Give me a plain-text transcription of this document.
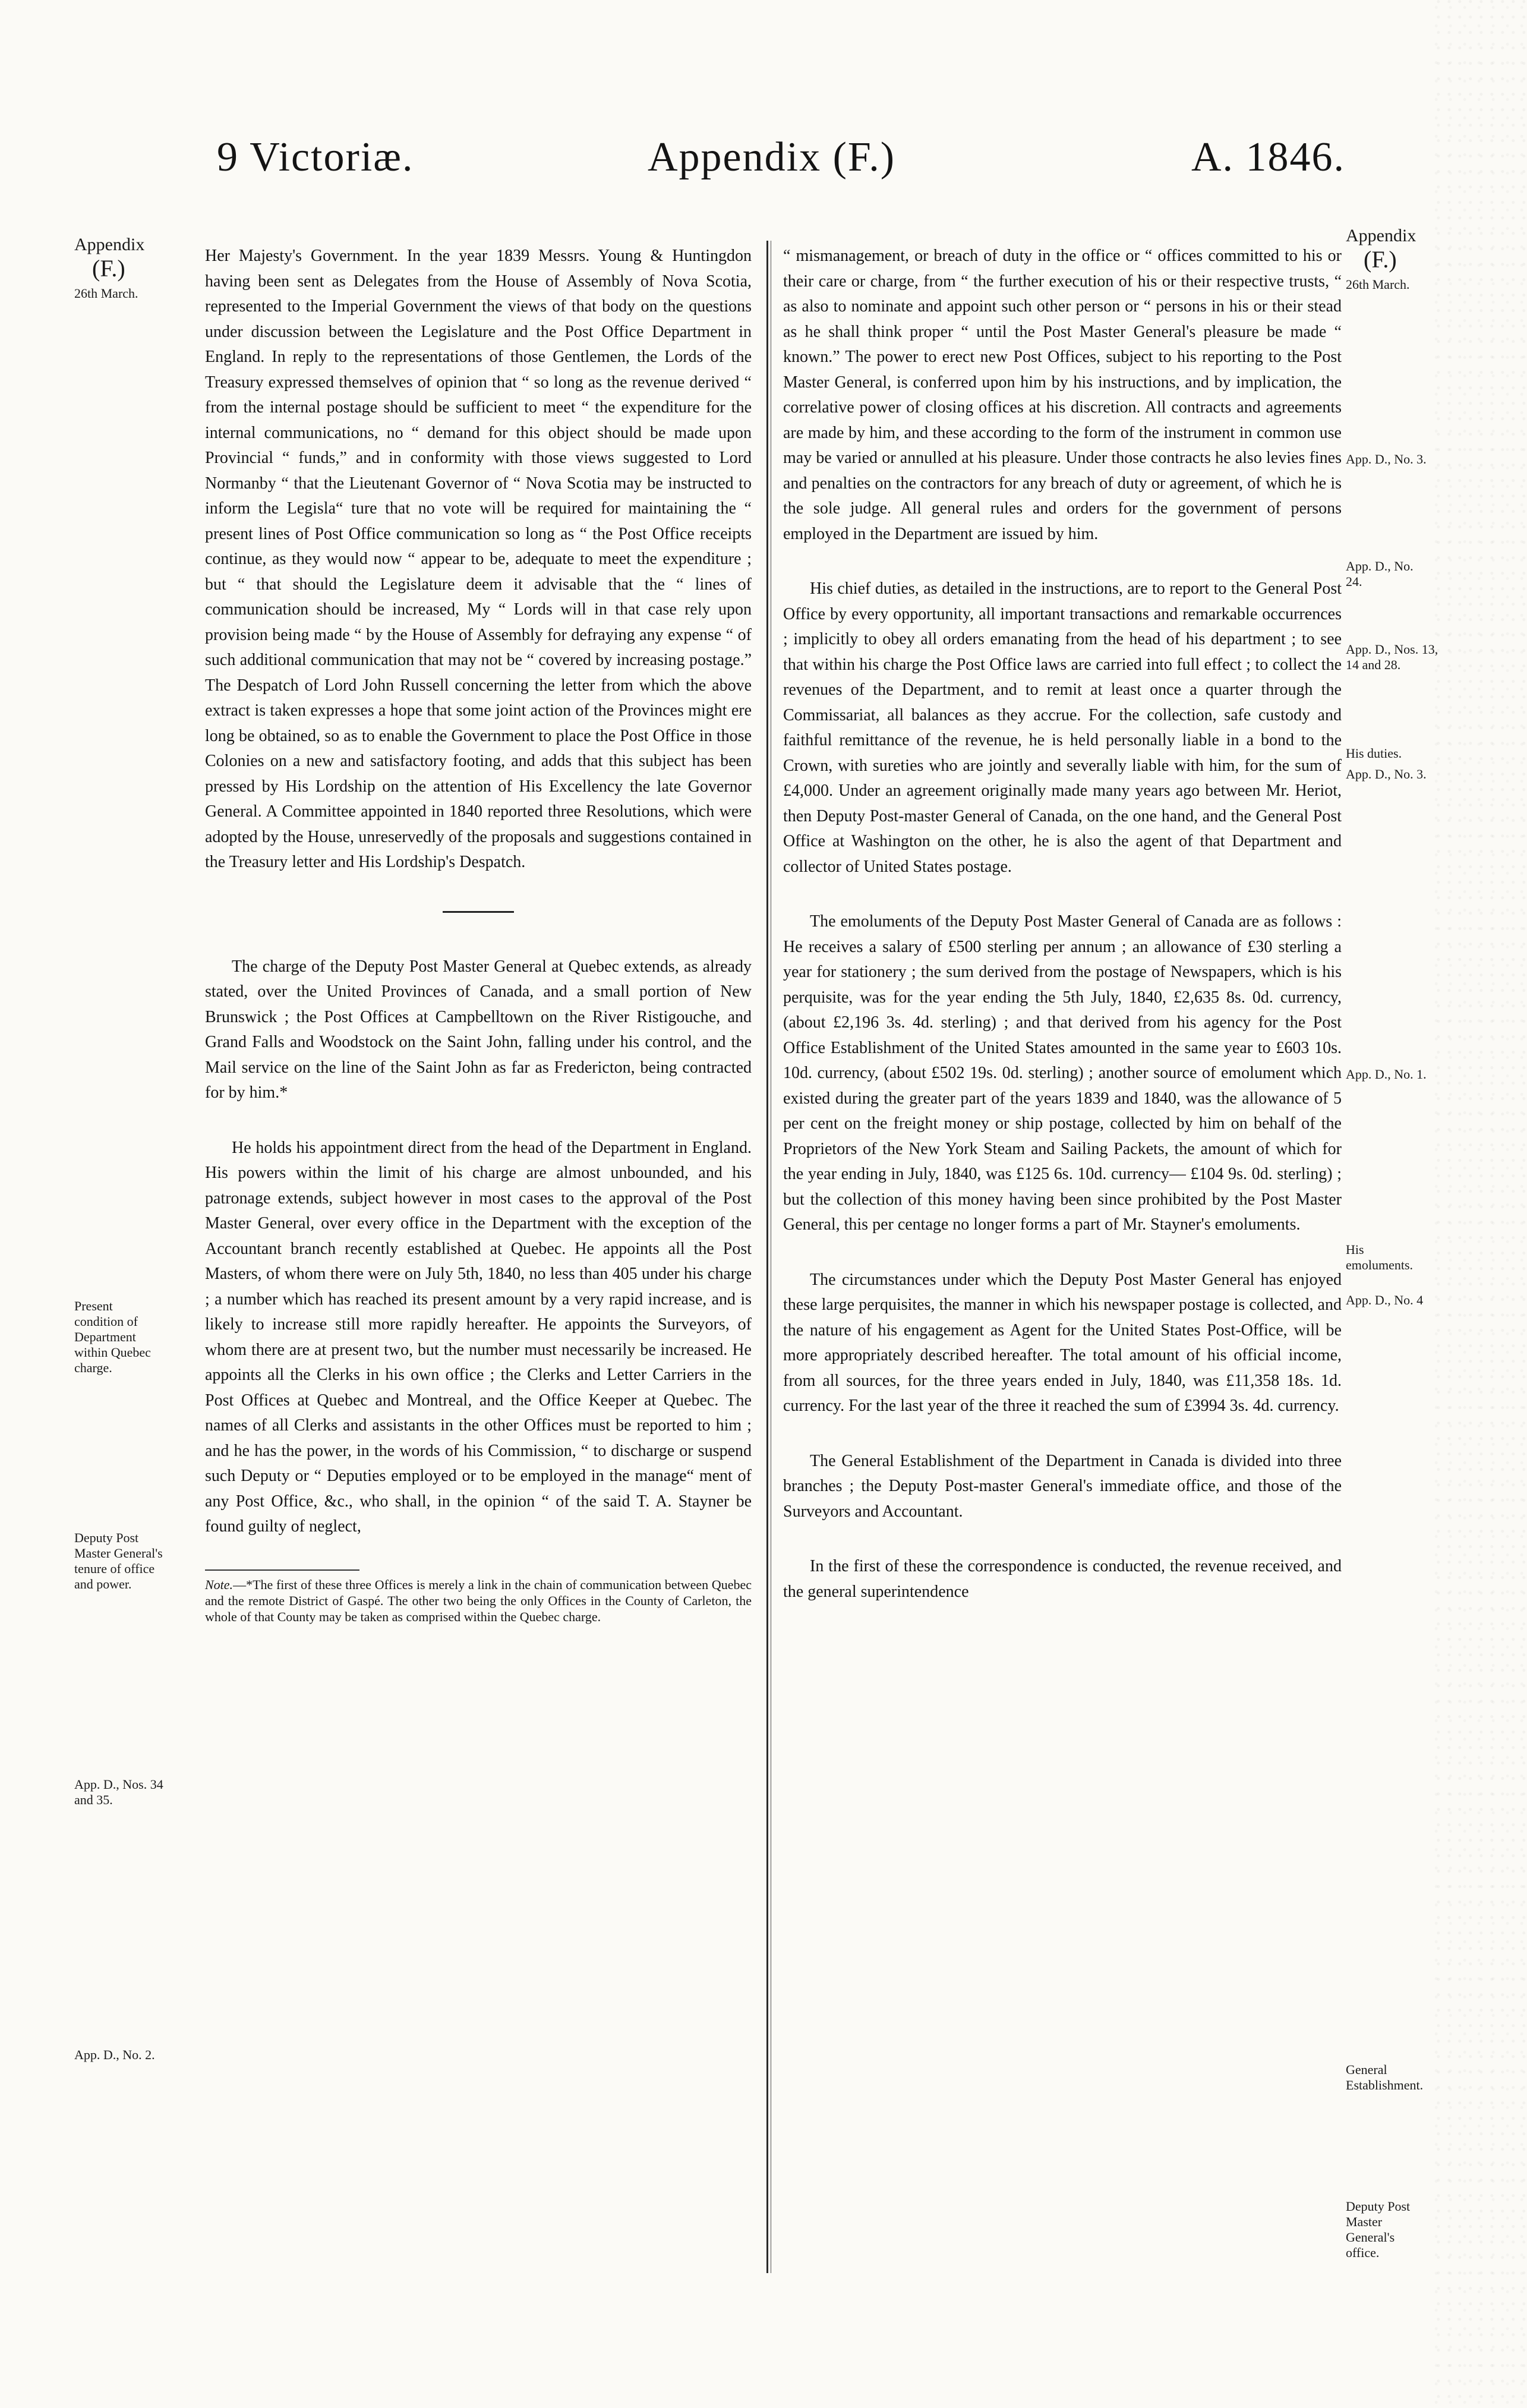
9 Victoriæ.	Appendix (F.)	A. 1846.
Appendix
(F.)
26th March.
Present condition of Department within Quebec charge.
Deputy Post Master General's tenure of office and power.
App. D., Nos. 34 and 35.
App. D., No. 2.
Appendix
(F.)
26th March.
App. D., No. 3.
App. D., No. 24.
App. D., Nos. 13, 14 and 28.
His duties.
App. D., No. 3.
App. D., No. 1.
His emoluments.
App. D., No. 4
General Establishment.
Deputy Post Master General's office.

Her Majesty's Government. In the year 1839 Messrs. Young & Huntingdon having been sent as Delegates from the House of Assembly of Nova Scotia, represented to the Imperial Government the views of that body on the questions under discussion between the Legislature and the Post Office Department in England. In reply to the representations of those Gentlemen, the Lords of the Treasury expressed themselves of opinion that “ so long as the revenue derived “ from the internal postage should be sufficient to meet “ the expenditure for the internal communications, no “ demand for this object should be made upon Provincial “ funds,” and in conformity with those views suggested to Lord Normanby “ that the Lieutenant Governor of “ Nova Scotia may be instructed to inform the Legisla“ ture that no vote will be required for maintaining the “ present lines of Post Office communication so long as “ the Post Office receipts continue, as they would now “ appear to be, adequate to meet the expenditure ; but “ that should the Legislature deem it advisable that the “ lines of communication should be increased, My “ Lords will in that case rely upon provision being made “ by the House of Assembly for defraying any expense “ of such additional communication that may not be “ covered by increasing postage.” The Despatch of Lord John Russell concerning the letter from which the above extract is taken expresses a hope that some joint action of the Provinces might ere long be obtained, so as to enable the Government to place the Post Office in those Colonies on a new and satisfactory footing, and adds that this subject has been pressed by His Lordship on the attention of His Excellency the late Governor General. A Committee appointed in 1840 reported three Resolutions, which were adopted by the House, unreservedly of the proposals and suggestions contained in the Treasury letter and His Lordship's Despatch.

The charge of the Deputy Post Master General at Quebec extends, as already stated, over the United Provinces of Canada, and a small portion of New Brunswick ; the Post Offices at Campbelltown on the River Ristigouche, and Grand Falls and Woodstock on the Saint John, falling under his control, and the Mail service on the line of the Saint John as far as Fredericton, being contracted for by him.*

He holds his appointment direct from the head of the Department in England. His powers within the limit of his charge are almost unbounded, and his patronage extends, subject however in most cases to the approval of the Post Master General, over every office in the Department with the exception of the Accountant branch recently established at Quebec. He appoints all the Post Masters, of whom there were on July 5th, 1840, no less than 405 under his charge ; a number which has reached its present amount by a very rapid increase, and is likely to increase still more rapidly hereafter. He appoints the Surveyors, of whom there are at present two, but the number must necessarily be increased. He appoints all the Clerks in his own office ; the Clerks and Letter Carriers in the Post Offices at Quebec and Montreal, and the Office Keeper at Quebec. The names of all Clerks and assistants in the other Offices must be reported to him ; and he has the power, in the words of his Commission, “ to discharge or suspend such Deputy or “ Deputies employed or to be employed in the manage“ ment of any Post Office, &c., who shall, in the opinion “ of the said T. A. Stayner be found guilty of neglect,

Note.—*The first of these three Offices is merely a link in the chain of communication between Quebec and the remote District of Gaspé. The other two being the only Offices in the County of Carleton, the whole of that County may be taken as comprised within the Quebec charge.

“ mismanagement, or breach of duty in the office or “ offices committed to his or their care or charge, from “ the further execution of his or their respective trusts, “ as also to nominate and appoint such other person or “ persons in his or their stead as he shall think proper “ until the Post Master General's pleasure be made “ known.” The power to erect new Post Offices, subject to his reporting to the Post Master General, is conferred upon him by his instructions, and by implication, the correlative power of closing offices at his discretion. All contracts and agreements are made by him, and these according to the form of the instrument in common use may be varied or annulled at his pleasure. Under those contracts he also levies fines and penalties on the contractors for any breach of duty or agreement, of which he is the sole judge. All general rules and orders for the government of persons employed in the Department are issued by him.

His chief duties, as detailed in the instructions, are to report to the General Post Office by every opportunity, all important transactions and remarkable occurrences ; implicitly to obey all orders emanating from the head of his department ; to see that within his charge the Post Office laws are carried into full effect ; to collect the revenues of the Department, and to remit at least once a quarter through the Commissariat, all balances as they accrue. For the collection, safe custody and faithful remittance of the revenue, he is held personally liable in a bond to the Crown, with sureties who are jointly and severally liable with him, for the sum of £4,000. Under an agreement originally made many years ago between Mr. Heriot, then Deputy Post-master General of Canada, on the one hand, and the General Post Office at Washington on the other, he is also the agent of that Department and collector of United States postage.

The emoluments of the Deputy Post Master General of Canada are as follows : He receives a salary of £500 sterling per annum ; an allowance of £30 sterling a year for stationery ; the sum derived from the postage of Newspapers, which is his perquisite, was for the year ending the 5th July, 1840, £2,635 8s. 0d. currency, (about £2,196 3s. 4d. sterling) ; and that derived from his agency for the Post Office Establishment of the United States amounted in the same year to £603 10s. 10d. currency, (about £502 19s. 0d. sterling) ; another source of emolument which existed during the greater part of the years 1839 and 1840, was the allowance of 5 per cent on the freight money or ship postage, collected by him on behalf of the Proprietors of the New York Steam and Sailing Packets, the amount of which for the year ending in July, 1840, was £125 6s. 10d. currency— £104 9s. 0d. sterling) ; but the collection of this money having been since prohibited by the Post Master General, this per centage no longer forms a part of Mr. Stayner's emoluments.

The circumstances under which the Deputy Post Master General has enjoyed these large perquisites, the manner in which his newspaper postage is collected, and the nature of his engagement as Agent for the United States Post-Office, will be more appropriately described hereafter. The total amount of his official income, from all sources, for the three years ended in July, 1840, was £11,358 18s. 1d. currency. For the last year of the three it reached the sum of £3994 3s. 4d. currency.

The General Establishment of the Department in Canada is divided into three branches ; the Deputy Post-master General's immediate office, and those of the Surveyors and Accountant.

In the first of these the correspondence is conducted, the revenue received, and the general superintendence
